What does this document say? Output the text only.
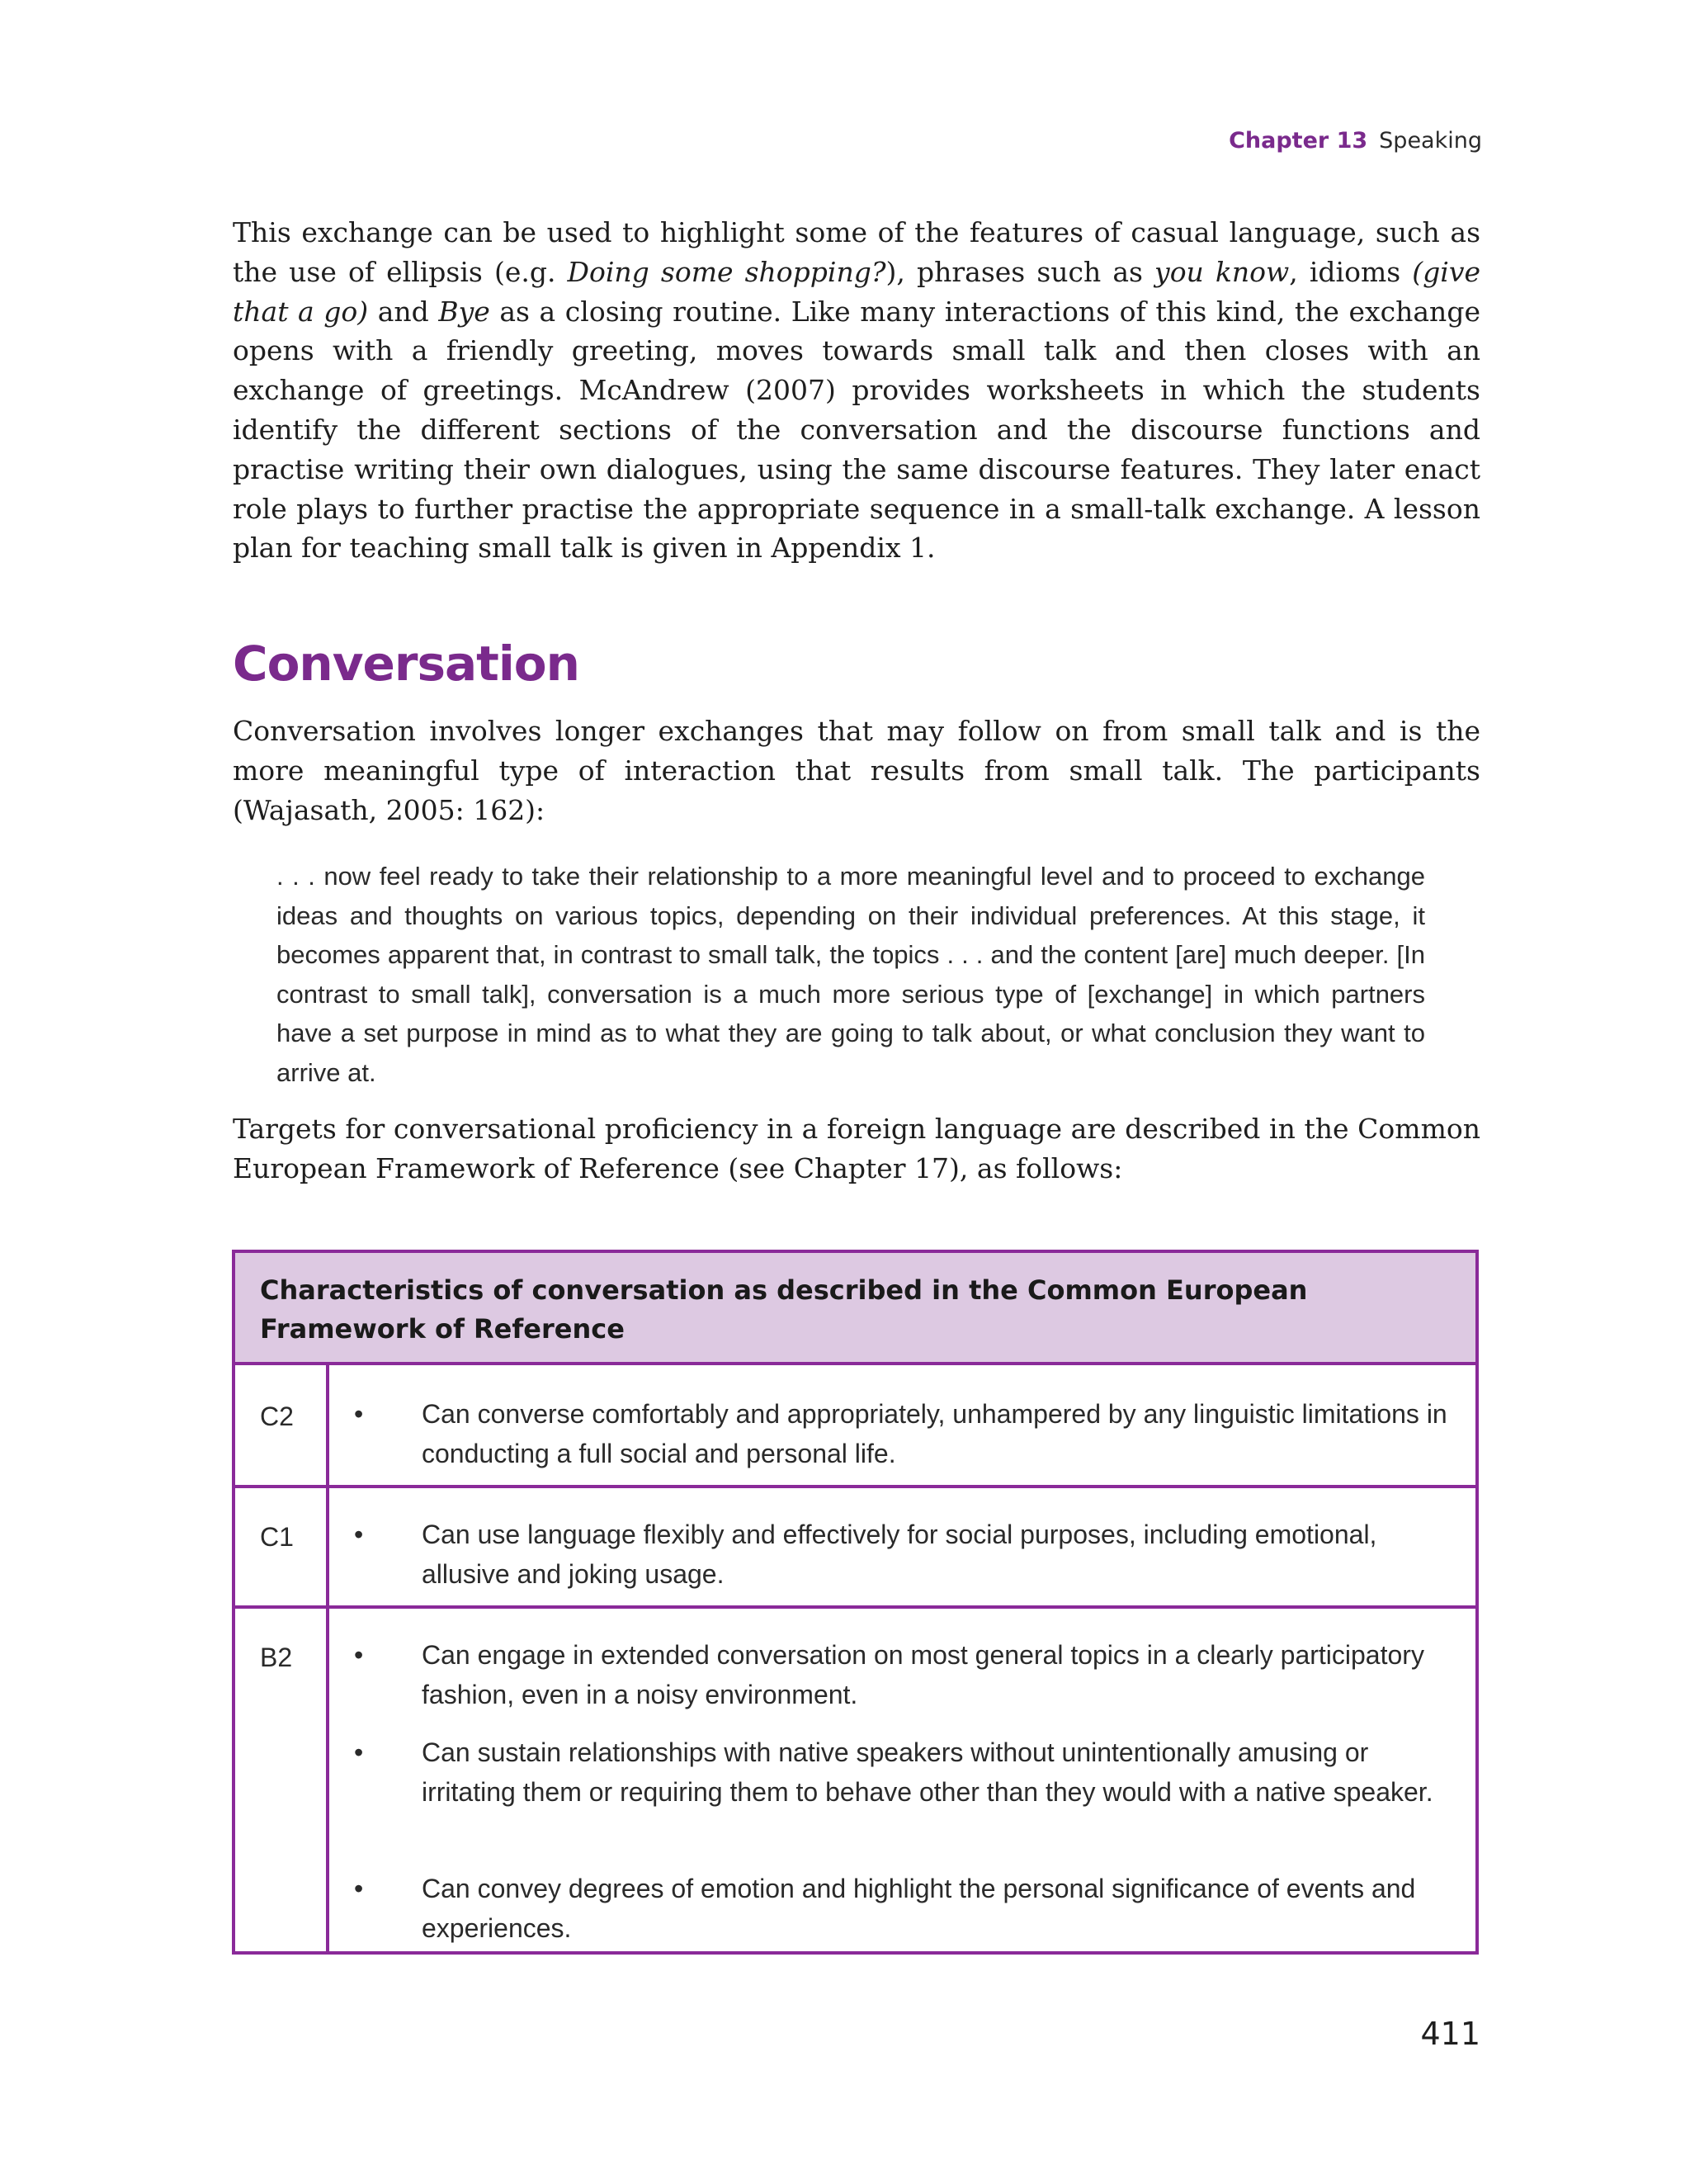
Chapter 13 Speaking

This exchange can be used to highlight some of the features of casual language, such as the use of ellipsis (e.g. Doing some shopping?), phrases such as you know, idioms (give that a go) and Bye as a closing routine. Like many interactions of this kind, the exchange opens with a friendly greeting, moves towards small talk and then closes with an exchange of greetings. McAndrew (2007) provides worksheets in which the students identify the different sections of the conversation and the discourse functions and practise writing their own dialogues, using the same discourse features. They later enact role plays to further practise the appropriate sequence in a small-talk exchange. A lesson plan for teaching small talk is given in Appendix 1.

Conversation

Conversation involves longer exchanges that may follow on from small talk and is the more meaningful type of interaction that results from small talk. The participants (Wajasath, 2005: 162):

. . . now feel ready to take their relationship to a more meaningful level and to proceed to exchange ideas and thoughts on various topics, depending on their individual preferences. At this stage, it becomes apparent that, in contrast to small talk, the topics . . . and the content [are] much deeper. [In contrast to small talk], conversation is a much more serious type of [exchange] in which partners have a set purpose in mind as to what they are going to talk about, or what conclusion they want to arrive at.

Targets for conversational proficiency in a foreign language are described in the Common European Framework of Reference (see Chapter 17), as follows:

Characteristics of conversation as described in the Common European Framework of Reference
C2 • Can converse comfortably and appropriately, unhampered by any linguistic limitations in conducting a full social and personal life.
C1 • Can use language flexibly and effectively for social purposes, including emotional, allusive and joking usage.
B2 • Can engage in extended conversation on most general topics in a clearly participatory fashion, even in a noisy environment.
• Can sustain relationships with native speakers without unintentionally amusing or irritating them or requiring them to behave other than they would with a native speaker.
• Can convey degrees of emotion and highlight the personal significance of events and experiences.
411
